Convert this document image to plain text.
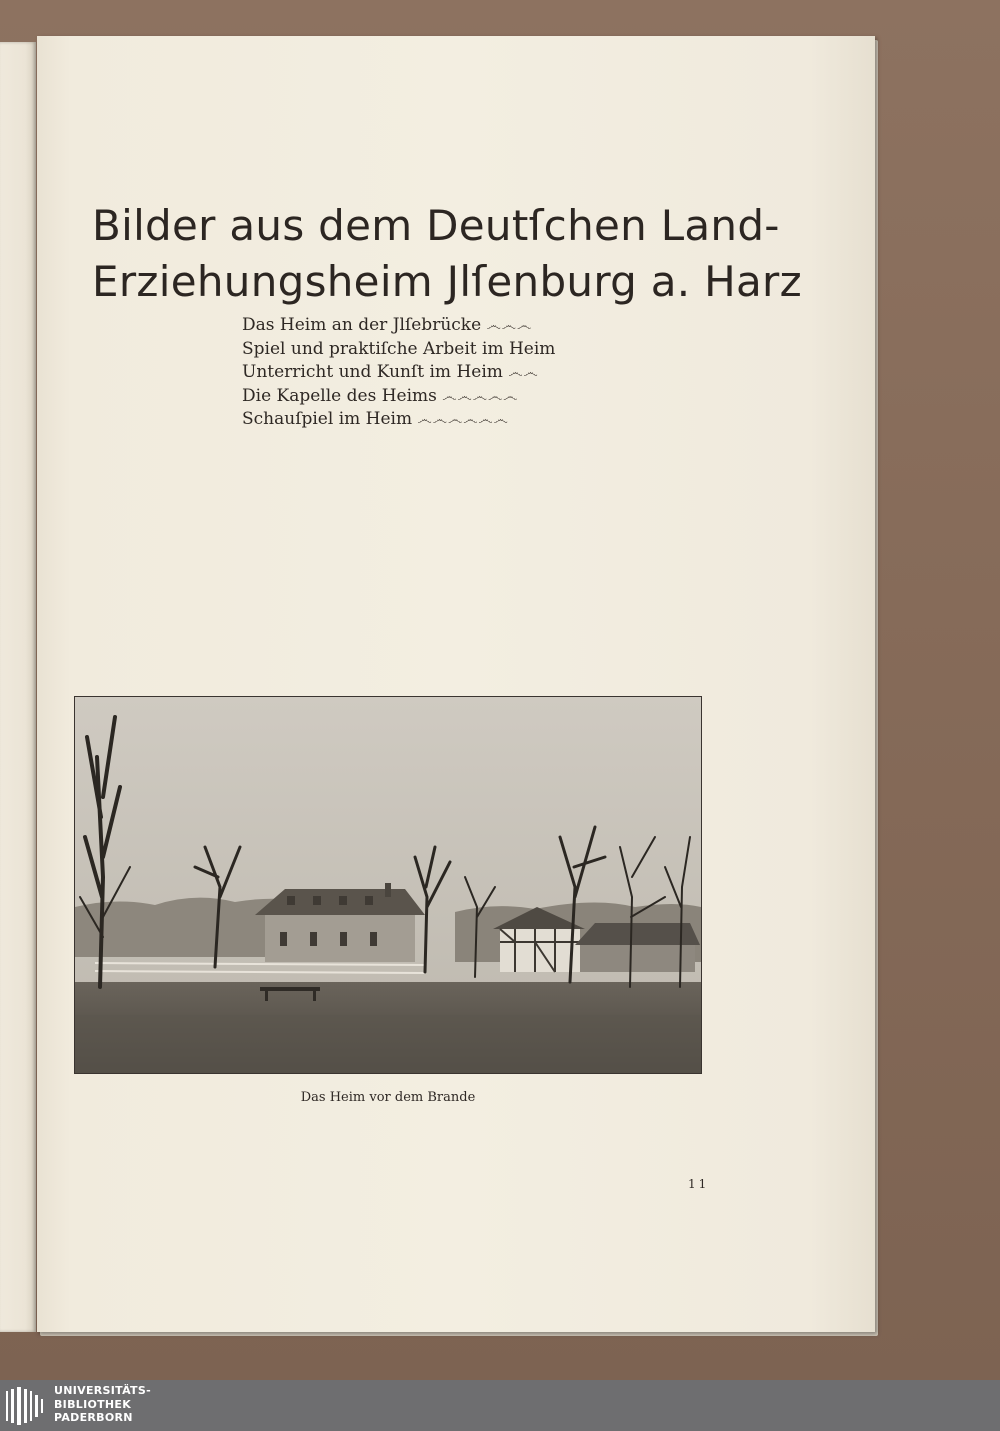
Bilder aus dem Deutſchen Land-
Erziehungsheim Jlſenburg a. Harz
Das Heim an der Jlſebrücke ෴෴෴
Spiel und praktiſche Arbeit im Heim
Unterricht und Kunſt im Heim ෴෴
Die Kapelle des Heims ෴෴෴෴෴
Schauſpiel im Heim ෴෴෴෴෴෴
Das Heim vor dem Brande
11
UNIVERSITÄTS-
BIBLIOTHEK
PADERBORN
